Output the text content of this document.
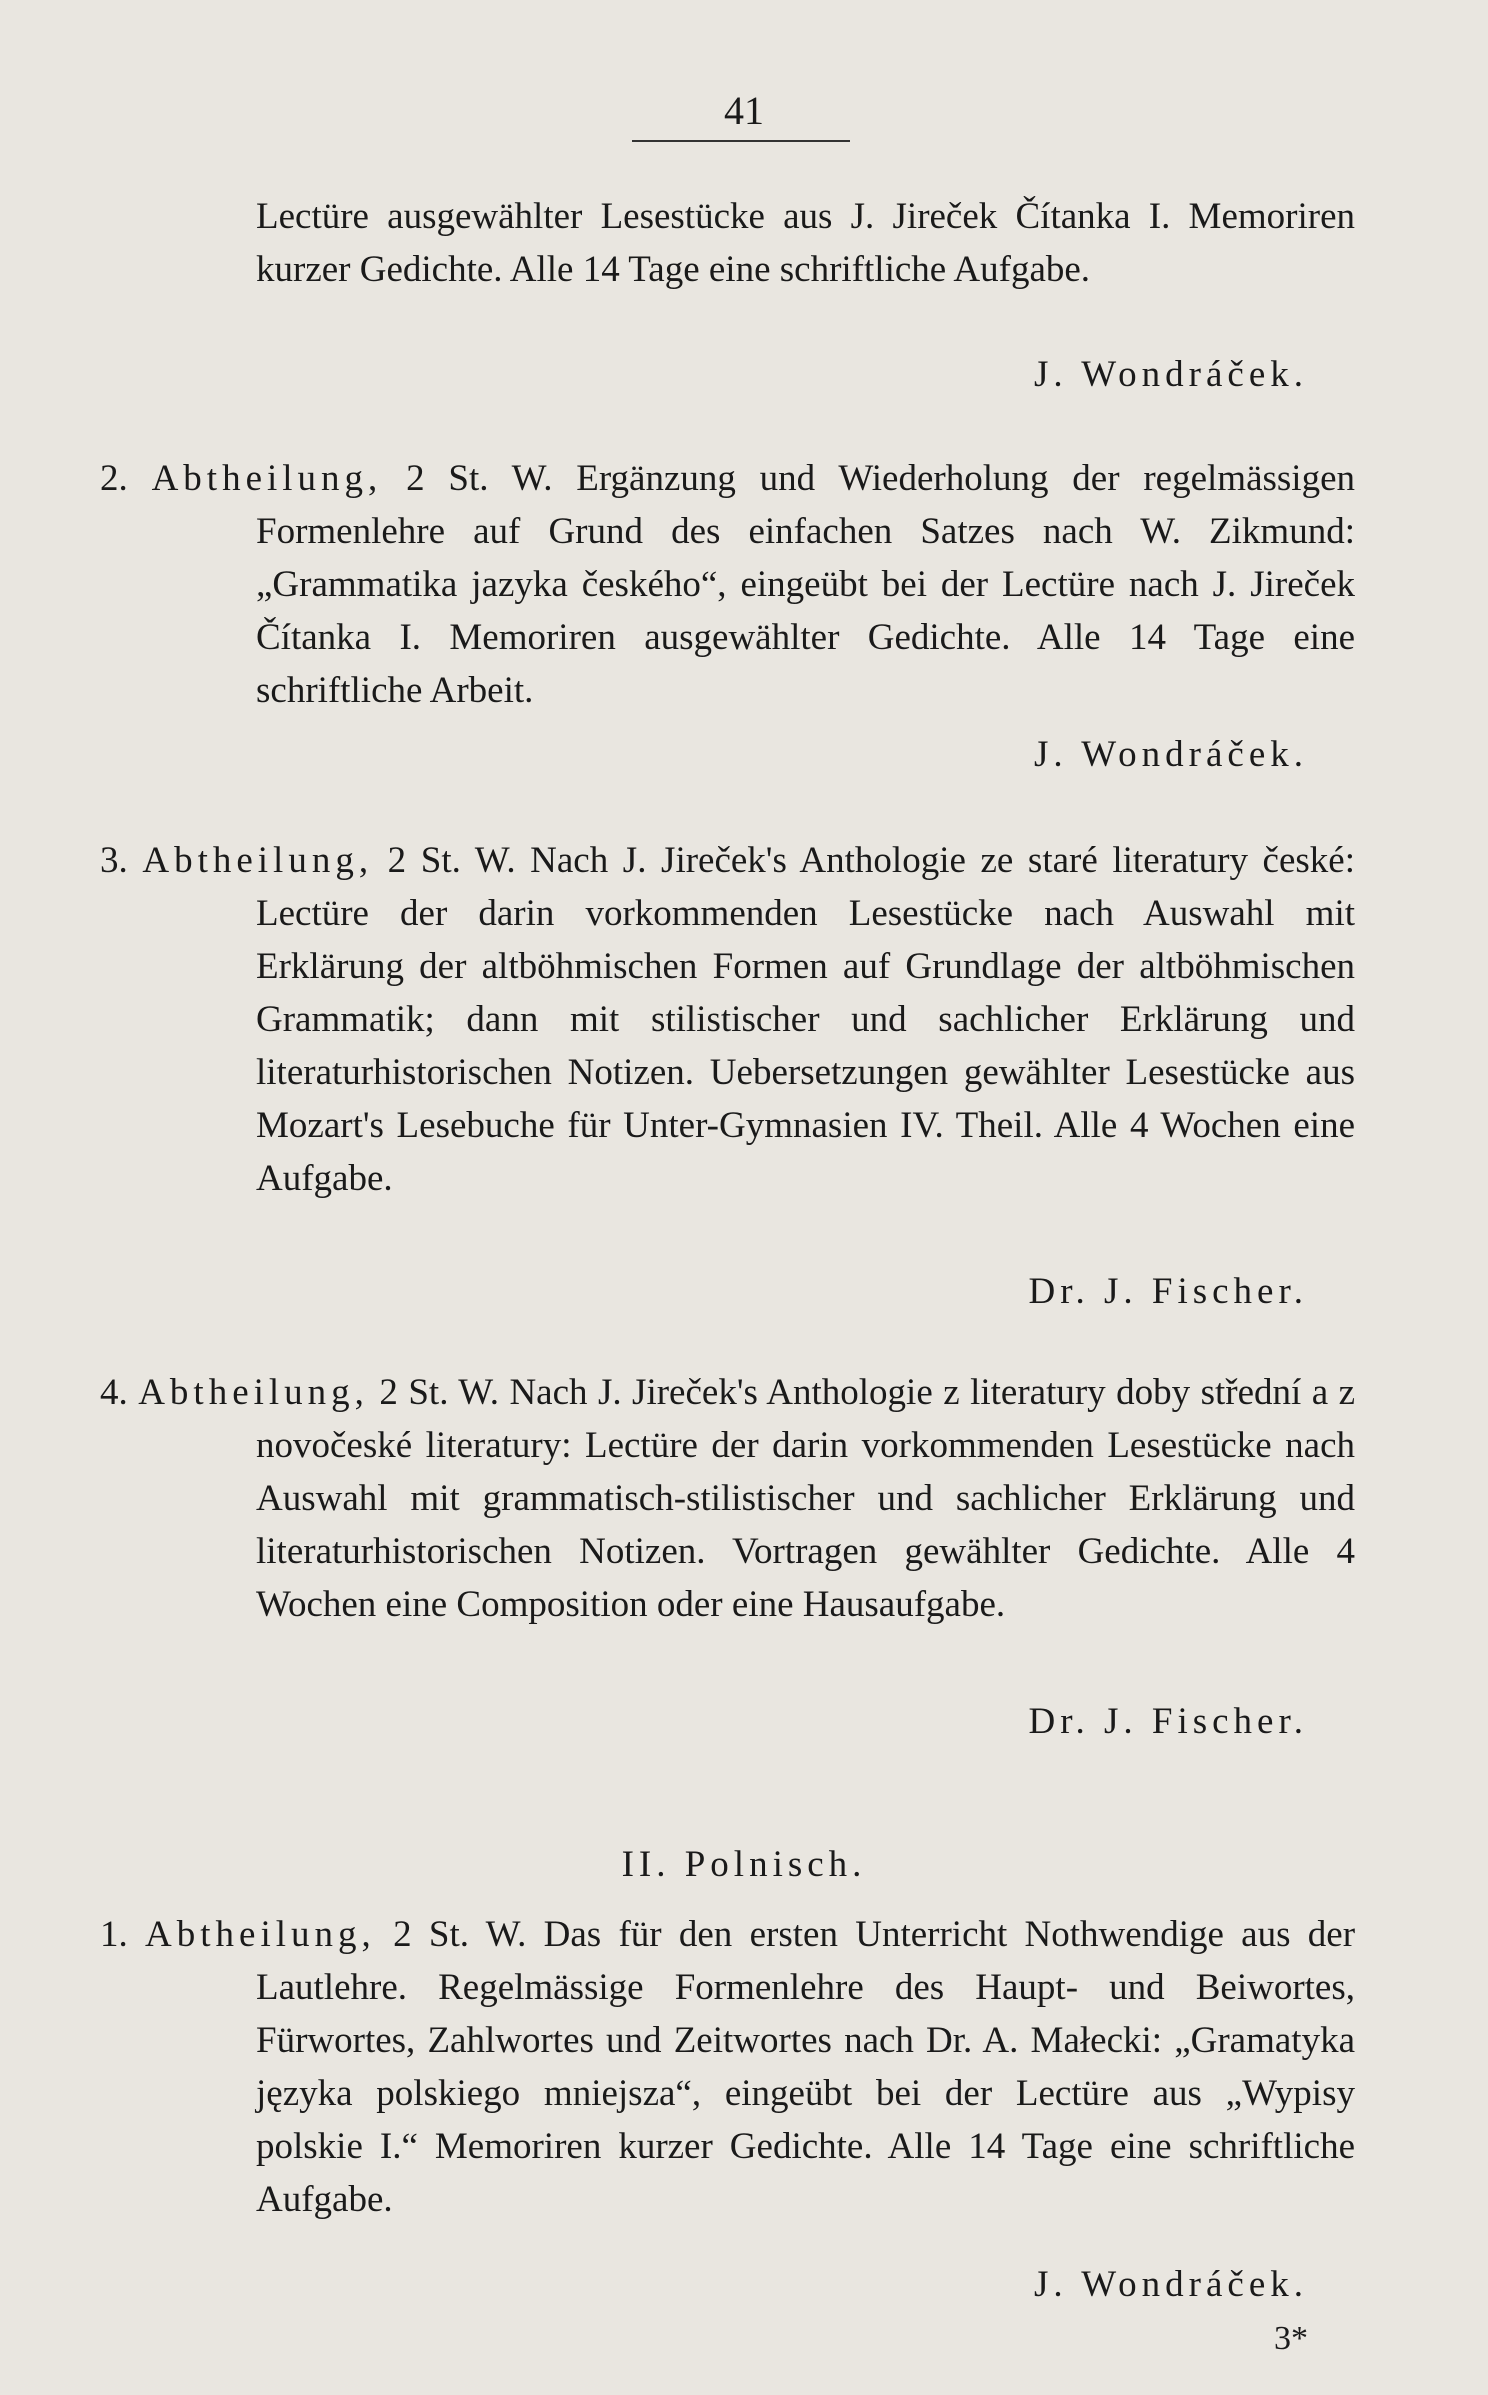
41
Lectüre ausgewählter Lesestücke aus J. Jireček Čítanka I. Memoriren kurzer Gedichte. Alle 14 Tage eine schriftliche Aufgabe.
J. Wondráček.
2. Abtheilung, 2 St. W. Ergänzung und Wiederholung der regelmässigen Formenlehre auf Grund des einfachen Satzes nach W. Zikmund: „Grammatika jazyka českého“, eingeübt bei der Lectüre nach J. Jireček Čítanka I. Memoriren ausgewählter Gedichte. Alle 14 Tage eine schriftliche Arbeit.
J. Wondráček.
3. Abtheilung, 2 St. W. Nach J. Jireček's Anthologie ze staré literatury české: Lectüre der darin vorkommenden Lesestücke nach Auswahl mit Erklärung der altböhmischen Formen auf Grundlage der altböhmischen Grammatik; dann mit stilistischer und sachlicher Erklärung und literaturhistorischen Notizen. Uebersetzungen gewählter Lesestücke aus Mozart's Lesebuche für Unter-Gymnasien IV. Theil. Alle 4 Wochen eine Aufgabe.
Dr. J. Fischer.
4. Abtheilung, 2 St. W. Nach J. Jireček's Anthologie z literatury doby střední a z novočeské literatury: Lectüre der darin vorkommenden Lesestücke nach Auswahl mit grammatisch-stilistischer und sachlicher Erklärung und literaturhistorischen Notizen. Vortragen gewählter Gedichte. Alle 4 Wochen eine Composition oder eine Hausaufgabe.
Dr. J. Fischer.
II. Polnisch.
1. Abtheilung, 2 St. W. Das für den ersten Unterricht Nothwendige aus der Lautlehre. Regelmässige Formenlehre des Haupt- und Beiwortes, Fürwortes, Zahlwortes und Zeitwortes nach Dr. A. Małecki: „Gramatyka języka polskiego mniejsza“, eingeübt bei der Lectüre aus „Wypisy polskie I.“ Memoriren kurzer Gedichte. Alle 14 Tage eine schriftliche Aufgabe.
J. Wondráček.
3*
